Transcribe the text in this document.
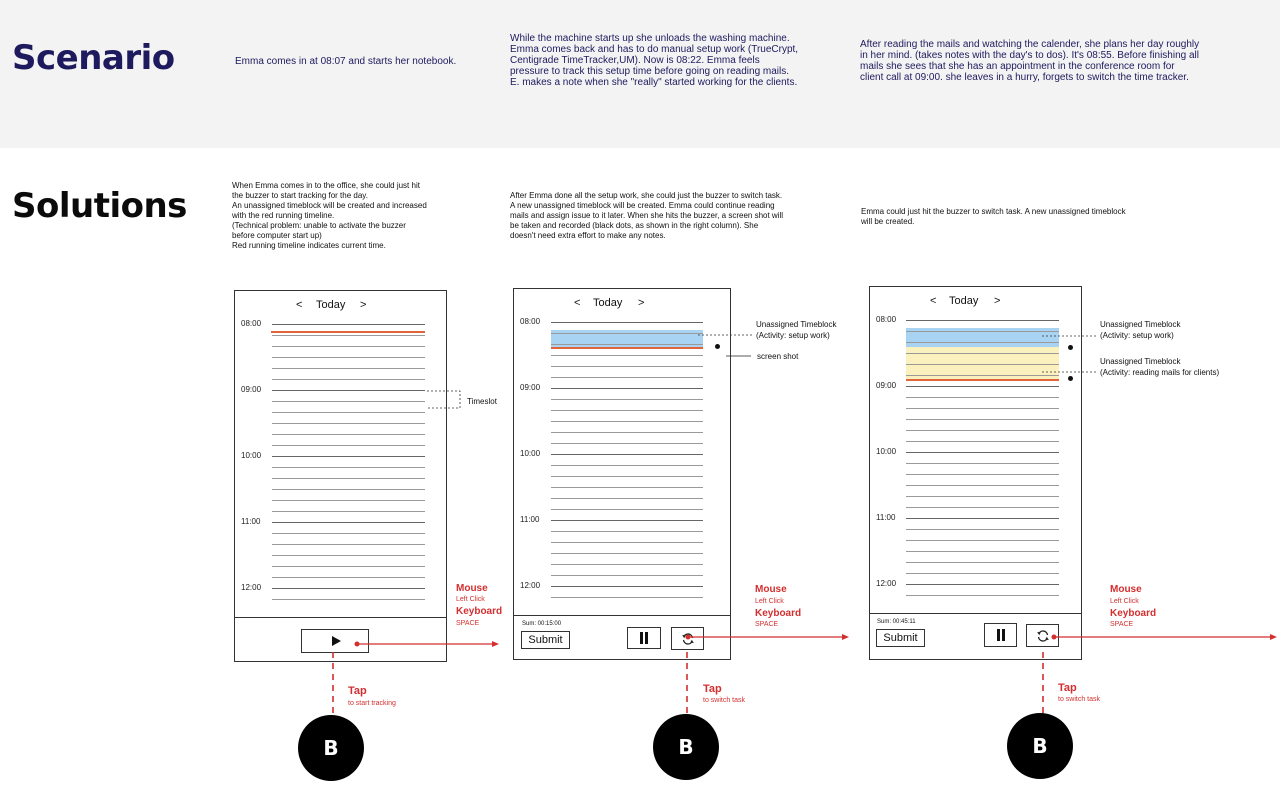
Scenario	Emma comes in at 08:07 and starts her notebook.
While the machine starts up she unloads the washing machine.
Emma comes back and has to do manual setup work (TrueCrypt,
Centigrade TimeTracker,UM). Now is 08:22. Emma feels
pressure to track this setup time before going on reading mails.
E. makes a note when she "really" started working for the clients.
After reading the mails and watching the calender, she plans her day roughly
in her mind. (takes notes with the day's to dos). It's 08:55. Before finishing all
mails she sees that she has an appointment in the conference room for
client call at 09:00. she leaves in a hurry, forgets to switch the time tracker.
Solutions
When Emma comes in to the office, she could just hit
the buzzer to start tracking for the day.
An unassigned timeblock will be created and increased
with the red running timeline.
(Technical problem: unable to activate the buzzer
before computer start up)
Red running timeline indicates current time.
After Emma done all the setup work, she could just the buzzer to switch task.
A new unassigned timeblock will be created. Emma could continue reading
mails and assign issue to it later. When she hits the buzzer, a screen shot will
be taken and recorded (black dots, as shown in the right column). She
doesn't need extra effort to make any notes.
Emma could just hit the buzzer to switch task. A new unassigned timeblock
will be created.
< Today >
08:00
09:00
10:00
11:00
12:00
< Today >
Sum: 00:15:00
Submit
08:00
09:00
10:00
11:00
12:00
< Today >
Sum: 00:45:11
Submit
08:00
09:00
10:00
11:00
12:00
Timeslot
Unassigned Timeblock
(Activity: setup work)
screen shot
Unassigned Timeblock
(Activity: setup work)
Unassigned Timeblock
(Activity: reading mails for clients)
Mouse
Left Click
Keyboard
SPACE
Mouse
Left Click
Keyboard
SPACE
Mouse
Left Click
Keyboard
SPACE
Tap
to start tracking
Tap
to switch task
Tap
to switch task
B	B	B
